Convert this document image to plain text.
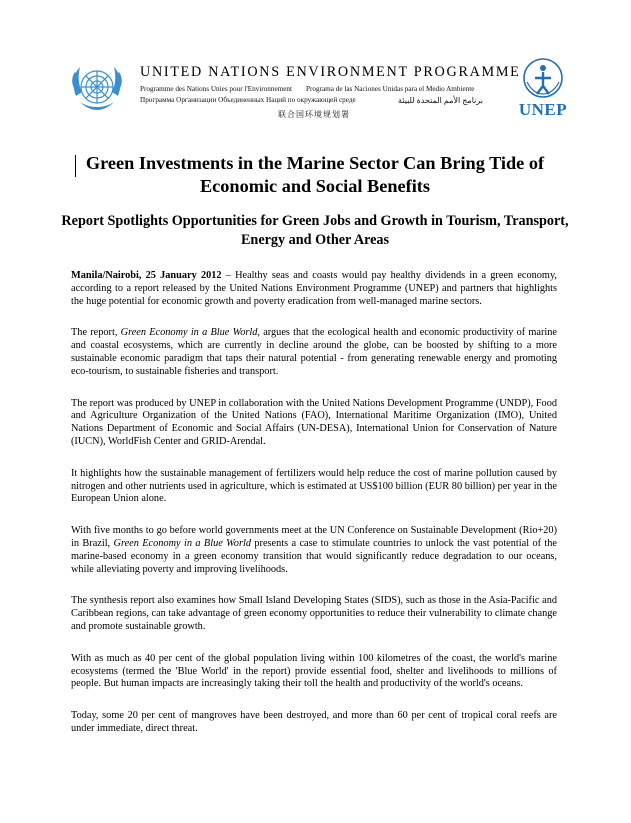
UNEP
UNITED NATIONS ENVIRONMENT PROGRAMME
Programme des Nations Unies pour l'Environnement Programa de las Naciones Unidas para el Medio Ambiente
Программа Организации Объединенных Наций по окружающей среде	برنامج الأمم المتحدة للبيئة
联合国环境规划署
Green Investments in the Marine Sector Can Bring Tide of Economic and Social Benefits
Report Spotlights Opportunities for Green Jobs and Growth in Tourism, Transport, Energy and Other Areas

Manila/Nairobi, 25 January 2012 – Healthy seas and coasts would pay healthy dividends in a green economy, according to a report released by the United Nations Environment Programme (UNEP) and partners that highlights the huge potential for economic growth and poverty eradication from well-managed marine sectors.

The report, Green Economy in a Blue World, argues that the ecological health and economic productivity of marine and coastal ecosystems, which are currently in decline around the globe, can be boosted by shifting to a more sustainable economic paradigm that taps their natural potential - from generating renewable energy and promoting eco-tourism, to sustainable fisheries and transport.

The report was produced by UNEP in collaboration with the United Nations Development Programme (UNDP), Food and Agriculture Organization of the United Nations (FAO), International Maritime Organization (IMO), United Nations Department of Economic and Social Affairs (UN-DESA), International Union for Conservation of Nature (IUCN), WorldFish Center and GRID-Arendal.

It highlights how the sustainable management of fertilizers would help reduce the cost of marine pollution caused by nitrogen and other nutrients used in agriculture, which is estimated at US$100 billion (EUR 80 billion) per year in the European Union alone.

With five months to go before world governments meet at the UN Conference on Sustainable Development (Rio+20) in Brazil, Green Economy in a Blue World presents a case to stimulate countries to unlock the vast potential of the marine-based economy in a green economy transition that would significantly reduce degradation to our oceans, while alleviating poverty and improving livelihoods.

The synthesis report also examines how Small Island Developing States (SIDS), such as those in the Asia-Pacific and Caribbean regions, can take advantage of green economy opportunities to reduce their vulnerability to climate change and promote sustainable growth.

With as much as 40 per cent of the global population living within 100 kilometres of the coast, the world's marine ecosystems (termed the 'Blue World' in the report) provide essential food, shelter and livelihoods to millions of people. But human impacts are increasingly taking their toll the health and productivity of the world's oceans.

Today, some 20 per cent of mangroves have been destroyed, and more than 60 per cent of tropical coral reefs are under immediate, direct threat.
